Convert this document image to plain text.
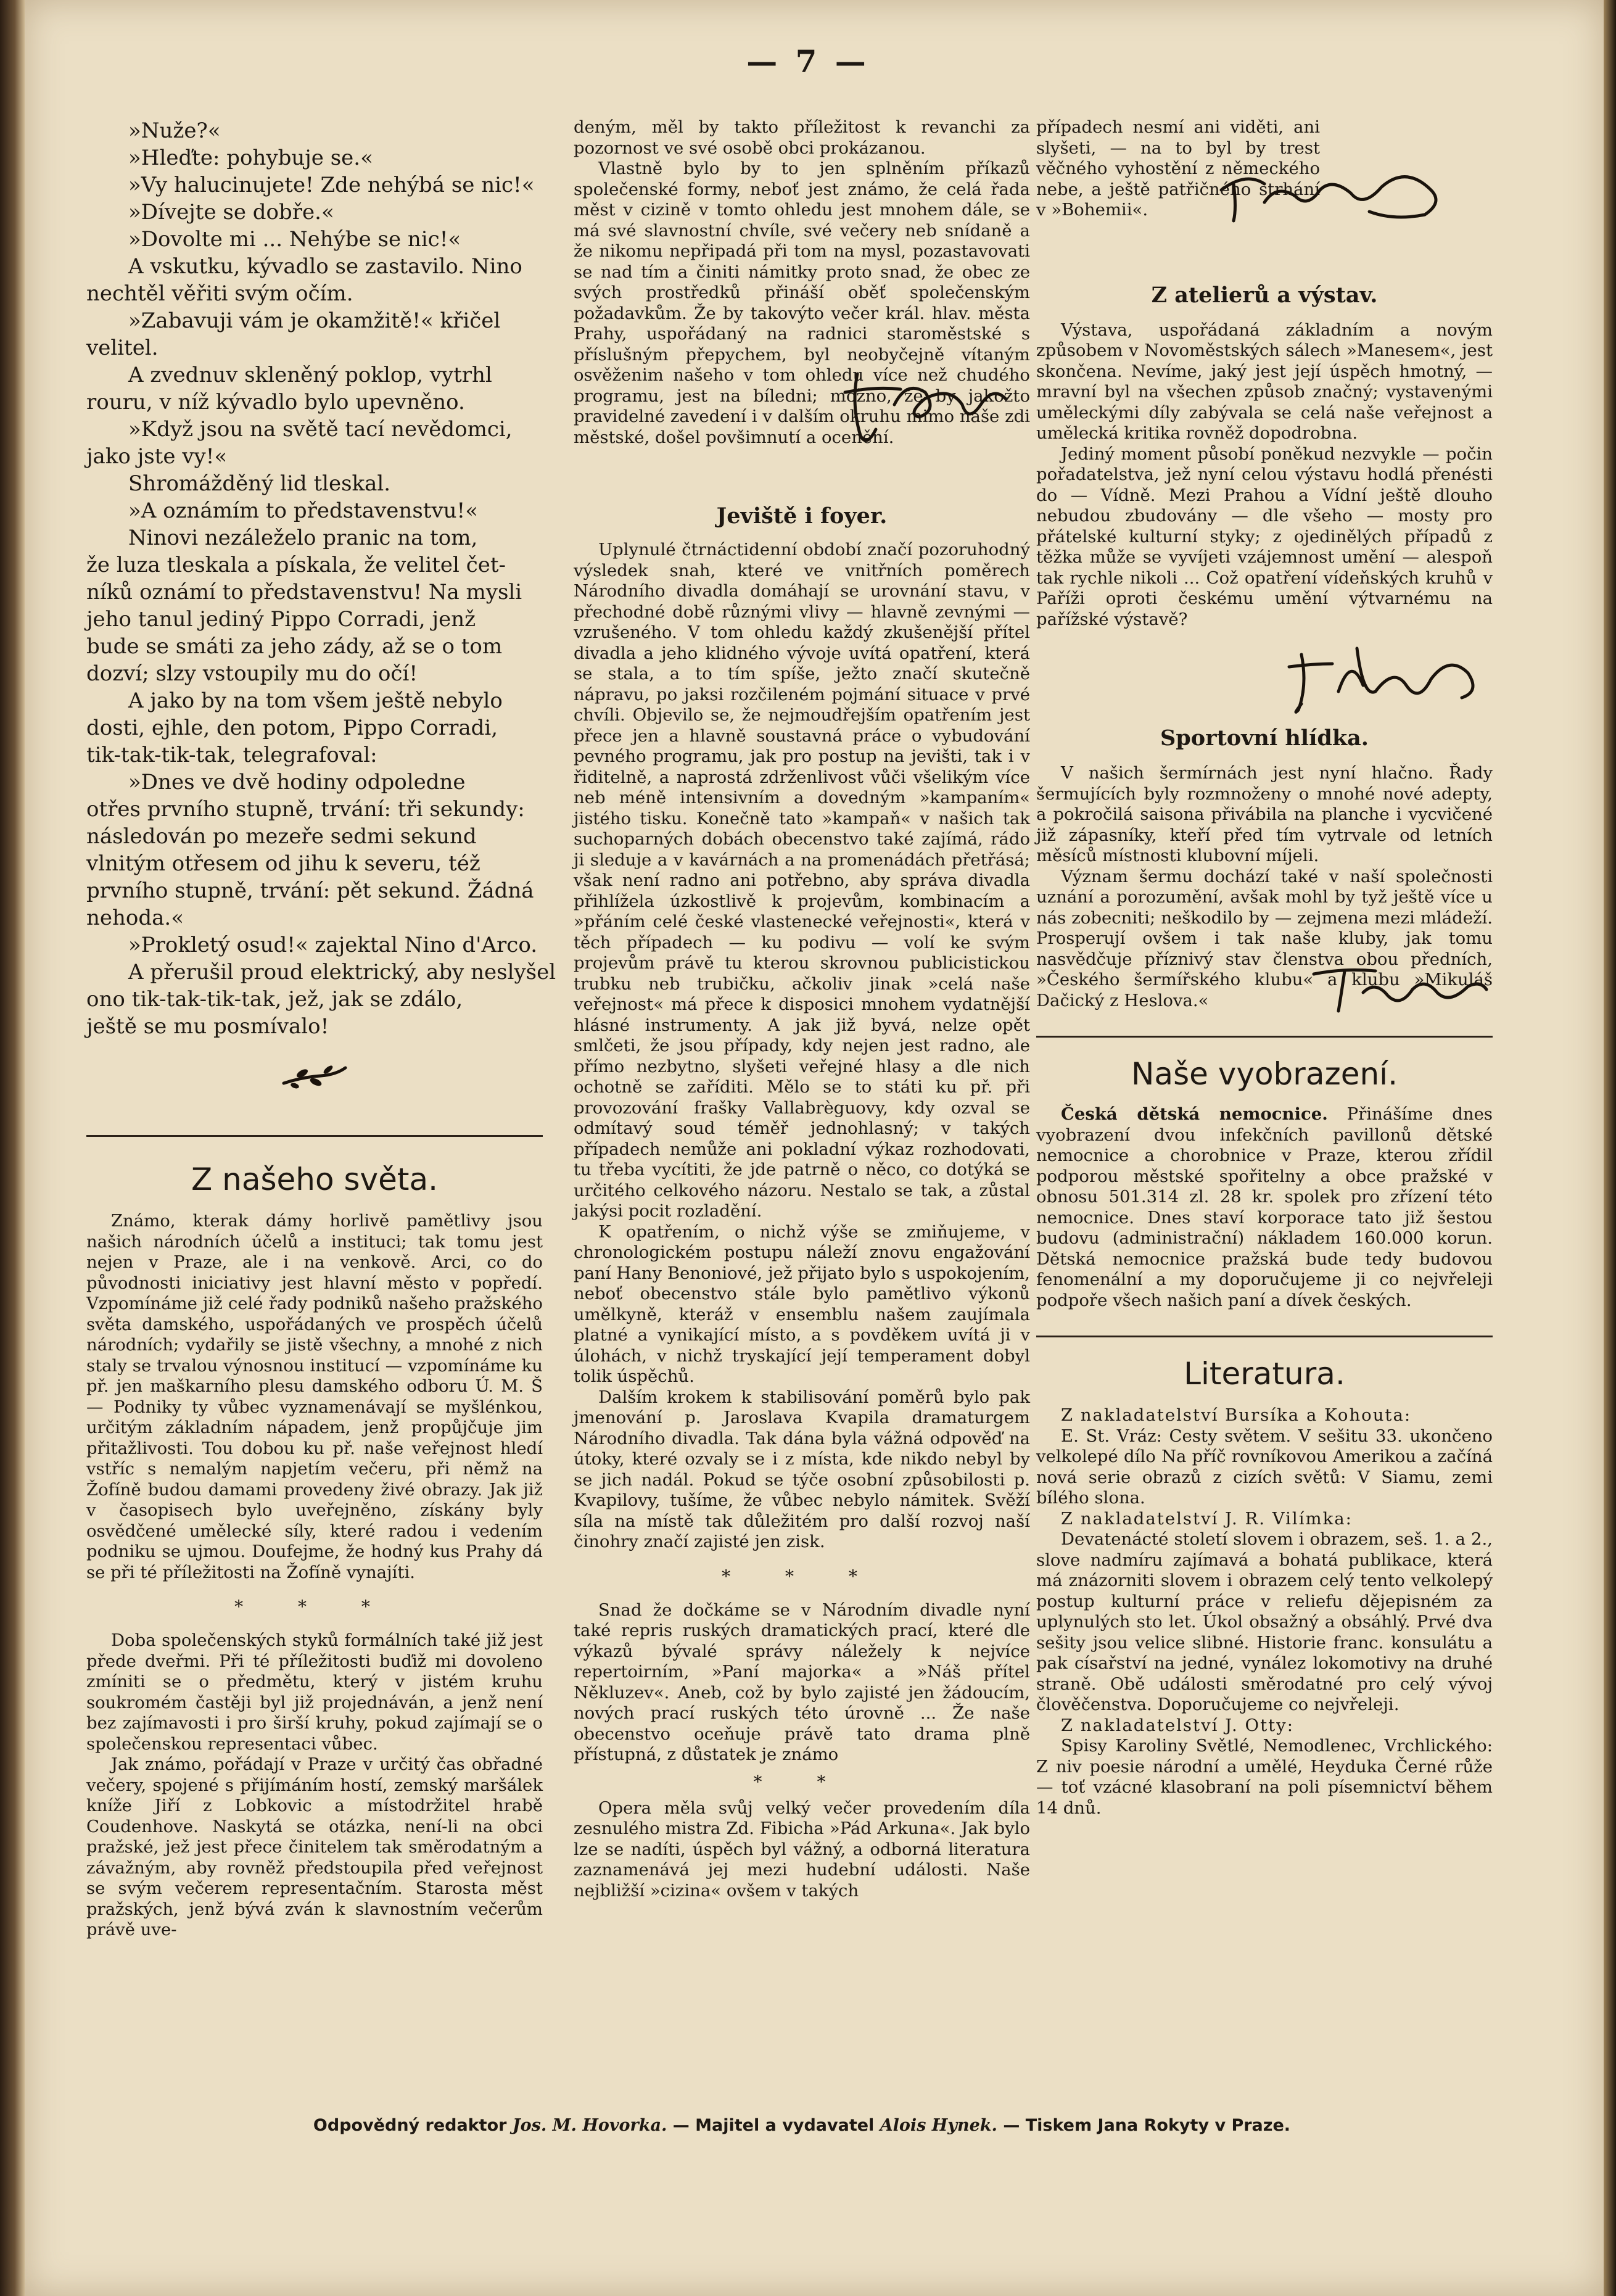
— 7 —

»Nuže?«

»Hleďte: pohybuje se.«

»Vy halucinujete! Zde nehýbá se nic!«

»Dívejte se dobře.«

»Dovolte mi ... Nehýbe se nic!«

A vskutku, kývadlo se zastavilo. Nino

nechtěl věřiti svým očím.

»Zabavuji vám je okamžitě!« křičel

velitel.

A zvednuv skleněný poklop, vytrhl

rouru, v níž kývadlo bylo upevněno.

»Když jsou na světě tací nevědomci,

jako jste vy!«

Shromážděný lid tleskal.

»A oznámím to představenstvu!«

Ninovi nezáleželo pranic na tom,

že luza tleskala a pískala, že velitel čet-

níků oznámí to představenstvu! Na mysli

jeho tanul jediný Pippo Corradi, jenž

bude se smáti za jeho zády, až se o tom

dozví; slzy vstoupily mu do očí!

A jako by na tom všem ještě nebylo

dosti, ejhle, den potom, Pippo Corradi,

tik-tak-tik-tak, telegrafoval:

»Dnes ve dvě hodiny odpoledne

otřes prvního stupně, trvání: tři sekundy:

následován po mezeře sedmi sekund

vlnitým otřesem od jihu k severu, též

prvního stupně, trvání: pět sekund. Žádná

nehoda.«

»Prokletý osud!« zajektal Nino d'Arco.

A přerušil proud elektrický, aby neslyšel

ono tik-tak-tik-tak, jež, jak se zdálo,

ještě se mu posmívalo!

Z našeho světa.

Známo, kterak dámy horlivě pamětlivy jsou našich národních účelů a instituci; tak tomu jest nejen v Praze, ale i na venkově. Arci, co do původnosti iniciativy jest hlavní město v popředí. Vzpomínáme již celé řady podniků našeho pražského světa damského, uspořádaných ve prospěch účelů národních; vydařily se jistě všechny, a mnohé z nich staly se trvalou výnosnou institucí — vzpomínáme ku př. jen maškarního plesu damského odboru Ú. M. Š — Podniky ty vůbec vyznamenávají se myšlénkou, určitým základním nápadem, jenž propůjčuje jim přitažlivosti. Tou dobou ku př. naše veřejnost hledí vstříc s nemalým napjetím večeru, při němž na Žofíně budou damami provedeny živé obrazy. Jak již v časopisech bylo uveřejněno, získány byly osvědčené umělecké síly, které radou i vedením podniku se ujmou. Doufejme, že hodný kus Prahy dá se při té příležitosti na Žofíně vynajíti.

* * *

Doba společenských styků formálních také již jest přede dveřmi. Při té příležitosti buďiž mi dovoleno zmíniti se o předmětu, který v jistém kruhu soukromém častěji byl již projednáván, a jenž není bez zajímavosti i pro širší kruhy, pokud zajímají se o společenskou representaci vůbec.

Jak známo, pořádají v Praze v určitý čas obřadné večery, spojené s přijímáním hostí, zemský maršálek kníže Jiří z Lobkovic a místodržitel hrabě Coudenhove. Naskytá se otázka, není-li na obci pražské, jež jest přece činitelem tak směrodatným a závažným, aby rovněž předstoupila před veřejnost se svým večerem representačním. Starosta měst pražských, jenž bývá zván k slavnostním večerům právě uve-

deným, měl by takto příležitost k revanchi za pozornost ve své osobě obci prokázanou.

Vlastně bylo by to jen splněním příkazů společenské formy, neboť jest známo, že celá řada měst v cizině v tomto ohledu jest mnohem dále, se má své slavnostní chvíle, své večery neb snídaně a že nikomu nepřipadá při tom na mysl, pozastavovati se nad tím a činiti námitky proto snad, že obec ze svých prostředků přináší oběť společenským požadavkům. Že by takovýto večer král. hlav. města Prahy, uspořádaný na radnici staroměstské s příslušným přepychem, byl neobyčejně vítaným osvěženim našeho v tom ohledu více než chudého programu, jest na bíledni; možno, že by jakožto pravidelné zavedení i v dalším okruhu mimo naše zdi městské, došel povšimnutí a ocenění.

Jeviště i foyer.

Uplynulé čtrnáctidenní období značí pozoruhodný výsledek snah, které ve vnitřních poměrech Národního divadla domáhají se urovnání stavu, v přechodné době různými vlivy — hlavně zevnými — vzrušeného. V tom ohledu každý zkušenější přítel divadla a jeho klidného vývoje uvítá opatření, která se stala, a to tím spíše, ježto značí skutečně nápravu, po jaksi rozčileném pojmání situace v prvé chvíli. Objevilo se, že nejmoudřejším opatřením jest přece jen a hlavně soustavná práce o vybudování pevného programu, jak pro postup na jevišti, tak i v řiditelně, a naprostá zdrženlivost vůči všelikým více neb méně intensivním a dovedným »kampaním« jistého tisku. Konečně tato »kampaň« v našich tak suchoparných dobách obecenstvo také zajímá, rádo ji sleduje a v kavárnách a na promenádách přetřásá; však není radno ani potřebno, aby správa divadla přihlížela úzkostlivě k projevům, kombinacím a »přáním celé české vlastenecké veřejnosti«, která v těch případech — ku podivu — volí ke svým projevům právě tu kterou skrovnou publicistickou trubku neb trubičku, ačkoliv jinak »celá naše veřejnost« má přece k disposici mnohem vydatnější hlásné instrumenty. A jak již byvá, nelze opět smlčeti, že jsou případy, kdy nejen jest radno, ale přímo nezbytno, slyšeti veřejné hlasy a dle nich ochotně se zaříditi. Mělo se to státi ku př. při provozování frašky Vallabrèguovy, kdy ozval se odmítavý soud téměř jednohlasný; v takých případech nemůže ani pokladní výkaz rozhodovati, tu třeba vycítiti, že jde patrně o něco, co dotýká se určitého celkového názoru. Nestalo se tak, a zůstal jakýsi pocit rozladění.

K opatřením, o nichž výše se zmiňujeme, v chronologickém postupu náleží znovu engažování paní Hany Benoniové, jež přijato bylo s uspokojením, neboť obecenstvo stále bylo pamětlivo výkonů umělkyně, kteráž v ensemblu našem zaujímala platné a vynikající místo, a s povděkem uvítá ji v úlohách, v nichž tryskající její temperament dobyl tolik úspěchů.

Dalším krokem k stabilisování poměrů bylo pak jmenování p. Jaroslava Kvapila dramaturgem Národního divadla. Tak dána byla vážná odpověď na útoky, které ozvaly se i z místa, kde nikdo nebyl by se jich nadál. Pokud se týče osobní způsobilosti p. Kvapilovy, tušíme, že vůbec nebylo námitek. Svěží síla na místě tak důležitém pro další rozvoj naší činohry značí zajisté jen zisk.

* * *

Snad že dočkáme se v Národním divadle nyní také repris ruských dramatických prací, které dle výkazů bývalé správy náležely k nejvíce repertoirním, »Paní majorka« a »Náš přítel Někluzev«. Aneb, což by bylo zajisté jen žádoucím, nových prací ruských této úrovně ... Že naše obecenstvo oceňuje právě tato drama plně přístupná, z důstatek je známo

* *

Opera měla svůj velký večer provedením díla zesnulého mistra Zd. Fibicha »Pád Arkuna«. Jak bylo lze se nadíti, úspěch byl vážný, a odborná literatura zaznamenává jej mezi hudební události. Naše nejbližší »cizina« ovšem v takých

případech nesmí ani viděti, ani slyšeti, — na to byl by trest věčného vyhostění z německého nebe, a ještě patřičného strhání v »Bohemii«.

Z atelierů a výstav.

Výstava, uspořádaná základním a novým způsobem v Novoměstských sálech »Manesem«, jest skončena. Nevíme, jaký jest její úspěch hmotný, — mravní byl na všechen způsob značný; vystavenými uměleckými díly zabývala se celá naše veřejnost a umělecká kritika rovněž dopodrobna.

Jediný moment působí poněkud nezvykle — počin pořadatelstva, jež nyní celou výstavu hodlá přenésti do — Vídně. Mezi Prahou a Vídní ještě dlouho nebudou zbudovány — dle všeho — mosty pro přátelské kulturní styky; z ojedinělých případů z těžka může se vyvíjeti vzájemnost umění — alespoň tak rychle nikoli ... Což opatření vídeňských kruhů v Paříži oproti českému umění výtvarnému na pařížské výstavě?

Sportovní hlídka.

V našich šermírnách jest nyní hlačno. Řady šermujících byly rozmnoženy o mnohé nové adepty, a pokročilá saisona přivábila na planche i vycvičené již zápasníky, kteří před tím vytrvale od letních měsíců místnosti klubovní míjeli.

Význam šermu dochází také v naší společnosti uznání a porozumění, avšak mohl by tyž ještě více u nás zobecniti; neškodilo by — zejmena mezi mládeží. Prosperují ovšem i tak naše kluby, jak tomu nasvědčuje příznivý stav členstva obou předních, »Českého šermířského klubu« a klubu »Mikuláš Dačický z Heslova.«

Naše vyobrazení.

Česká dětská nemocnice. Přinášíme dnes vyobrazení dvou infekčních pavillonů dětské nemocnice a chorobnice v Praze, kterou zřídil podporou městské spořitelny a obce pražské v obnosu 501.314 zl. 28 kr. spolek pro zřízení této nemocnice. Dnes staví korporace tato již šestou budovu (administrační) nákladem 160.000 korun. Dětská nemocnice pražská bude tedy budovou fenomenální a my doporučujeme ji co nejvřeleji podpoře všech našich paní a dívek českých.

Literatura.

Z nakladatelství Bursíka a Kohouta:

E. St. Vráz: Cesty světem. V sešitu 33. ukončeno velkolepé dílo Na příč rovníkovou Amerikou a začíná nová serie obrazů z cizích světů: V Siamu, zemi bílého slona.

Z nakladatelství J. R. Vilímka:

Devatenácté století slovem i obrazem, seš. 1. a 2., slove nadmíru zajímavá a bohatá publikace, která má znázorniti slovem i obrazem celý tento velkolepý postup kulturní práce v reliefu dějepisném za uplynulých sto let. Úkol obsažný a obsáhlý. Prvé dva sešity jsou velice slibné. Historie franc. konsulátu a pak císařství na jedné, vynález lokomotivy na druhé straně. Obě události směrodatné pro celý vývoj člověčenstva. Doporučujeme co nejvřeleji.

Z nakladatelství J. Otty:

Spisy Karoliny Světlé, Nemodlenec, Vrchlického: Z niv poesie národní a umělé, Heyduka Černé růže — toť vzácné klasobraní na poli písemnictví během 14 dnů.

Odpovědný redaktor Jos. M. Hovorka. — Majitel a vydavatel Alois Hynek. — Tiskem Jana Rokyty v Praze.
